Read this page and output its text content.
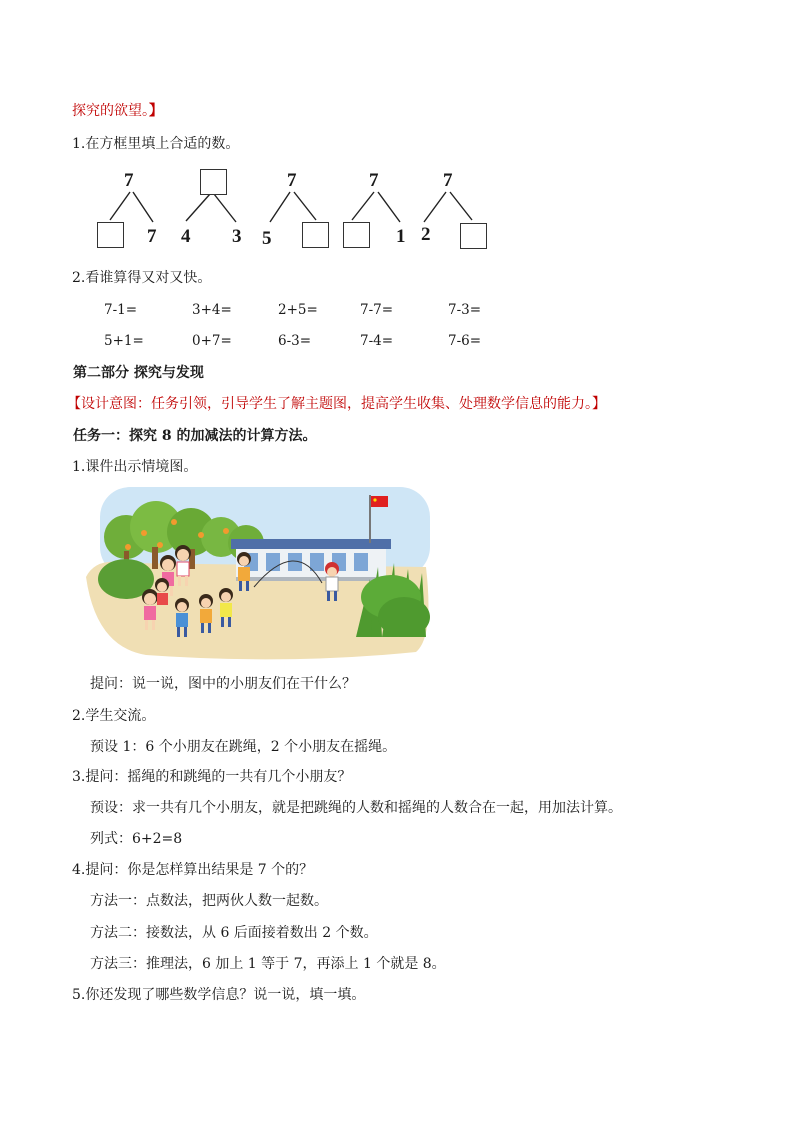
探究的欲望。】
1.在方框里填上合适的数。
7
7 4 3
7
5
7
1
7
2
2.看谁算得又对又快。
7-1=	3+4=	2+5=	7-7=	7-3=
5+1=	0+7=	6-3=	7-4=	7-6=
第二部分 探究与发现
【设计意图：任务引领，引导学生了解主题图，提高学生收集、处理数学信息的能力。】
任务一：探究 8 的加减法的计算方法。
1.课件出示情境图。
提问：说一说，图中的小朋友们在干什么？
2.学生交流。
预设 1：6 个小朋友在跳绳，2 个小朋友在摇绳。
3.提问：摇绳的和跳绳的一共有几个小朋友？
预设：求一共有几个小朋友，就是把跳绳的人数和摇绳的人数合在一起，用加法计算。
列式：6+2=8
4.提问：你是怎样算出结果是 7 个的？
方法一：点数法，把两伙人数一起数。
方法二：接数法，从 6 后面接着数出 2 个数。
方法三：推理法，6 加上 1 等于 7，再添上 1 个就是 8。
5.你还发现了哪些数学信息？说一说，填一填。
